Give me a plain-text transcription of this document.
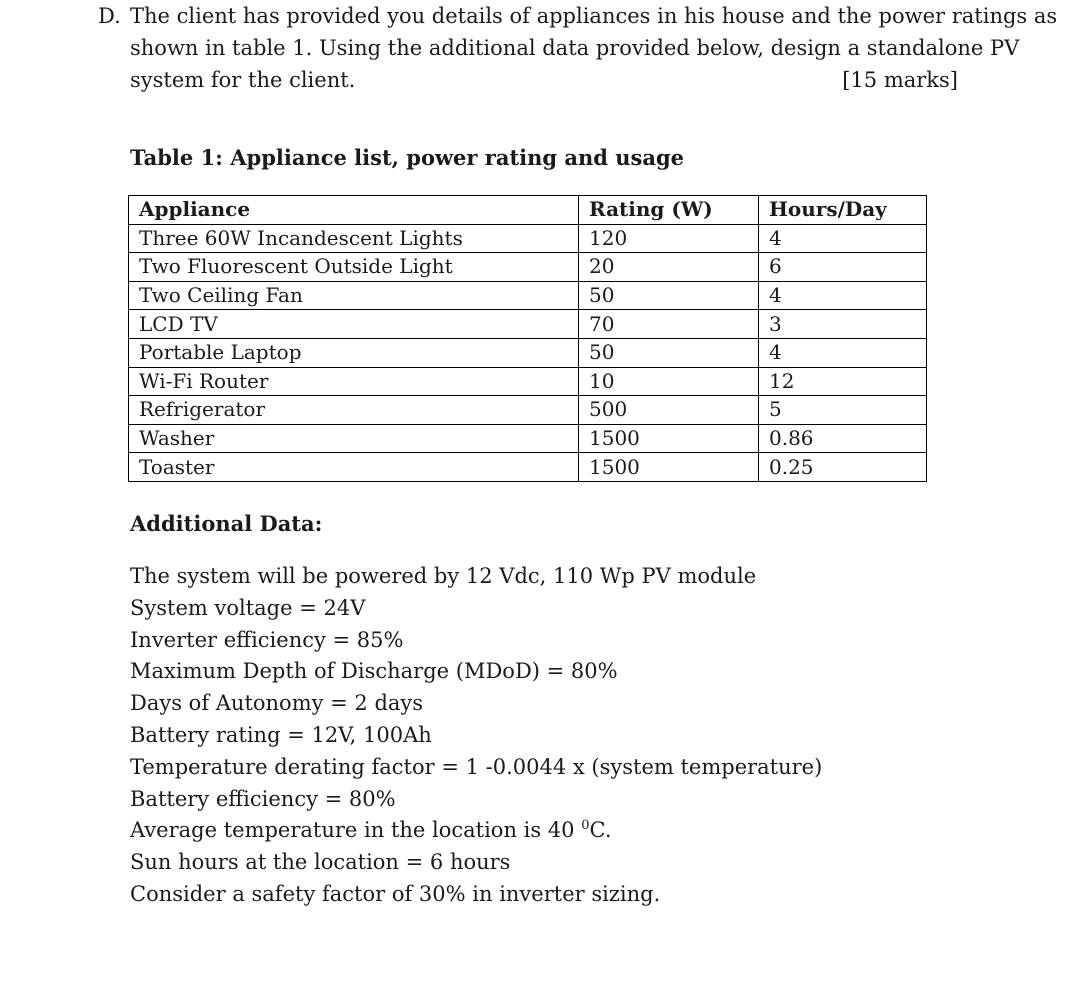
D. The client has provided you details of appliances in his house and the power ratings as
shown in table 1. Using the additional data provided below, design a standalone PV
system for the client.	[15 marks]
Table 1: Appliance list, power rating and usage
Appliance	Rating (W)	Hours/Day
Three 60W Incandescent Lights	120	4
Two Fluorescent Outside Light	20	6
Two Ceiling Fan	50	4
LCD TV	70	3
Portable Laptop	50	4
Wi-Fi Router	10	12
Refrigerator	500	5
Washer	1500	0.86
Toaster	1500	0.25
Additional Data:
The system will be powered by 12 Vdc, 110 Wp PV module
System voltage = 24V
Inverter efficiency = 85%
Maximum Depth of Discharge (MDoD) = 80%
Days of Autonomy = 2 days
Battery rating = 12V, 100Ah
Temperature derating factor = 1 -0.0044 x (system temperature)
Battery efficiency = 80%
Average temperature in the location is 40 $^0$C.
Sun hours at the location = 6 hours
Consider a safety factor of 30% in inverter sizing.
